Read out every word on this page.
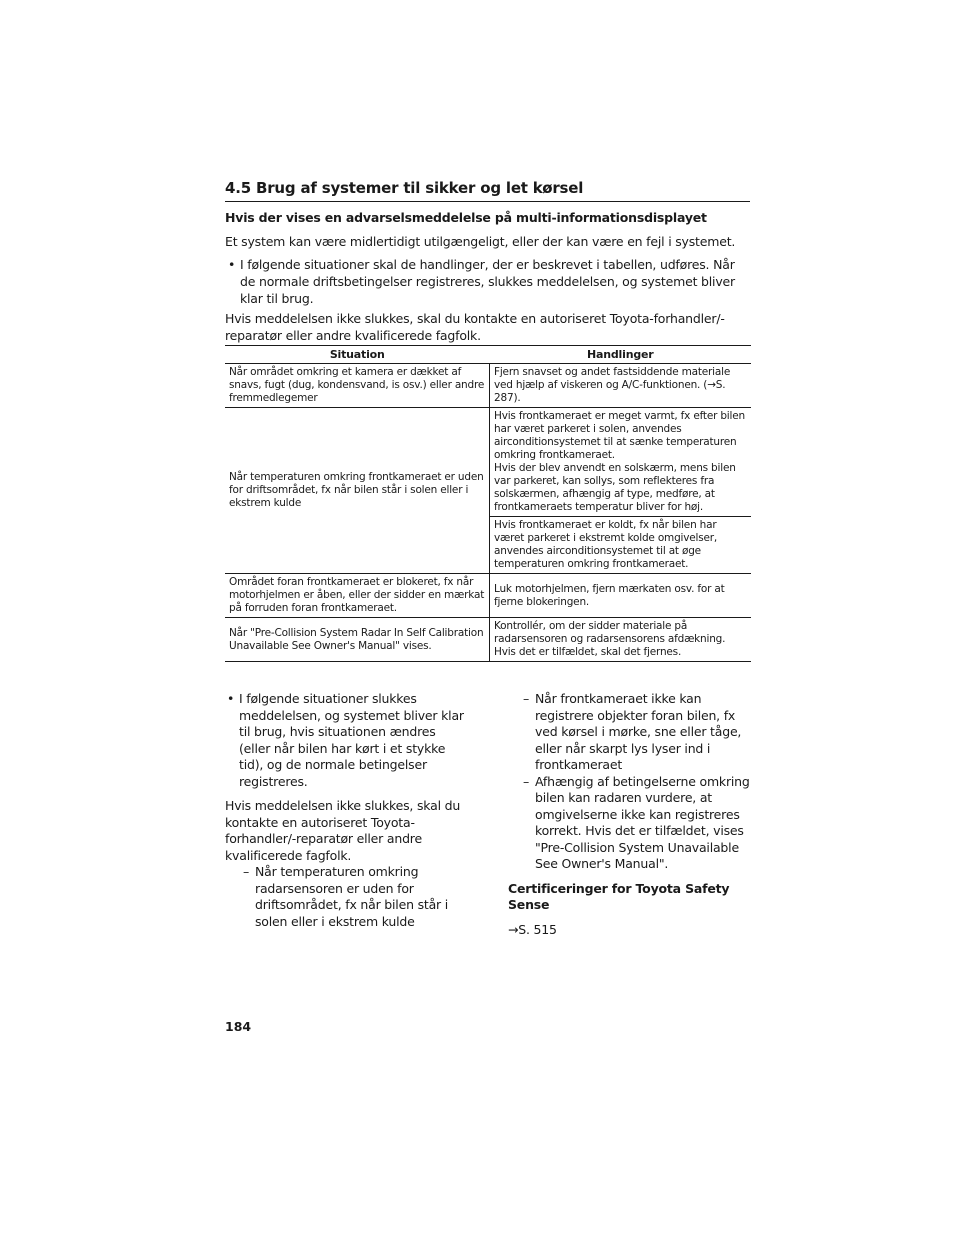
4.5 Brug af systemer til sikker og let kørsel
Hvis der vises en advarselsmeddelelse på multi-informationsdisplayet
Et system kan være midlertidigt utilgængeligt, eller der kan være en fejl i systemet.
• I følgende situationer skal de handlinger, der er beskrevet i tabellen, udføres. Når de normale driftsbetingelser registreres, slukkes meddelelsen, og systemet bliver klar til brug.
Hvis meddelelsen ikke slukkes, skal du kontakte en autoriseret Toyota-forhandler/-reparatør eller andre kvalificerede fagfolk.
Situation	Handlinger
Når området omkring et kamera er dækket af snavs, fugt (dug, kondensvand, is osv.) eller andre fremmedlegemer	Fjern snavset og andet fastsiddende materiale ved hjælp af viskeren og A/C-funktionen. (→S. 287).
Når temperaturen omkring frontkameraet er uden for driftsområdet, fx når bilen står i solen eller i ekstrem kulde	Hvis frontkameraet er meget varmt, fx efter bilen har været parkeret i solen, anvendes airconditionsystemet til at sænke temperaturen omkring frontkameraet.
Hvis der blev anvendt en solskærm, mens bilen var parkeret, kan sollys, som reflekteres fra solskærmen, afhængig af type, medføre, at frontkameraets temperatur bliver for høj.

	Hvis frontkameraet er koldt, fx når bilen har været parkeret i ekstremt kolde omgivelser, anvendes airconditionsystemet til at øge temperaturen omkring frontkameraet.
Området foran frontkameraet er blokeret, fx når motorhjelmen er åben, eller der sidder en mærkat på forruden foran frontkameraet.	Luk motorhjelmen, fjern mærkaten osv. for at fjerne blokeringen.
Når "Pre-Collision System Radar In Self Calibration Unavailable See Owner's Manual" vises.	Kontrollér, om der sidder materiale på radarsensoren og radarsensorens afdækning.
Hvis det er tilfældet, skal det fjernes.
• I følgende situationer slukkes meddelelsen, og systemet bliver klar til brug, hvis situationen ændres (eller når bilen har kørt i et stykke tid), og de normale betingelser registreres.

Hvis meddelelsen ikke slukkes, skal du kontakte en autoriseret Toyota-forhandler/-reparatør eller andre kvalificerede fagfolk.

– Når temperaturen omkring radarsensoren er uden for driftsområdet, fx når bilen står i solen eller i ekstrem kulde

– Når frontkameraet ikke kan registrere objekter foran bilen, fx ved kørsel i mørke, sne eller tåge, eller når skarpt lys lyser ind i frontkameraet

– Afhængig af betingelserne omkring bilen kan radaren vurdere, at omgivelserne ikke kan registreres korrekt. Hvis det er tilfældet, vises "Pre-Collision System Unavailable See Owner's Manual".

Certificeringer for Toyota Safety Sense

→S. 515

184
